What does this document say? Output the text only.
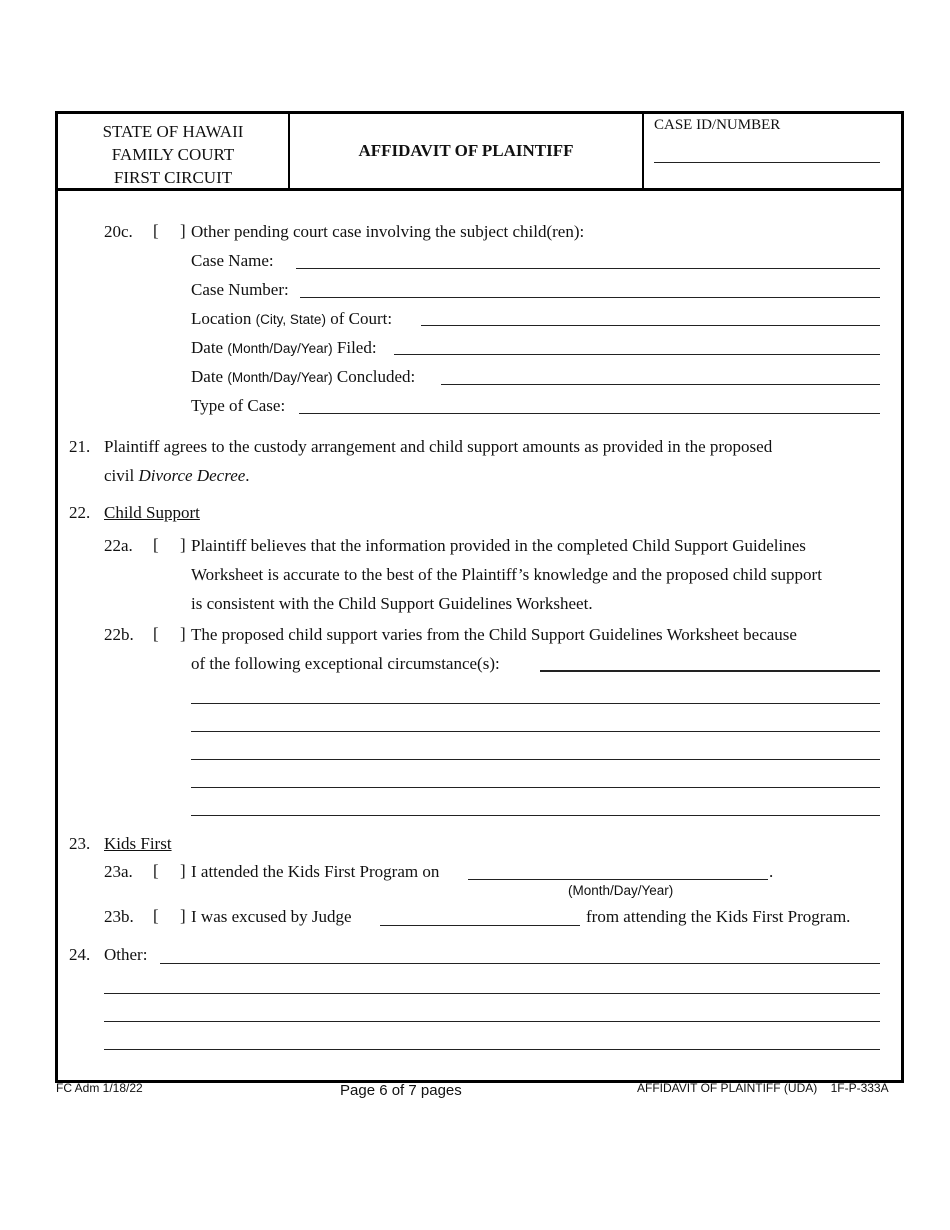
STATE OF HAWAII
FAMILY COURT
FIRST CIRCUIT
AFFIDAVIT OF PLAINTIFF
CASE ID/NUMBER
20c. [ ] Other pending court case involving the subject child(ren):
Case Name:
Case Number:
Location (City, State) of Court:
Date (Month/Day/Year) Filed:
Date (Month/Day/Year) Concluded:
Type of Case:
21. Plaintiff agrees to the custody arrangement and child support amounts as provided in the proposed
civil Divorce Decree.
22. Child Support
22a. [ ] Plaintiff believes that the information provided in the completed Child Support Guidelines
Worksheet is accurate to the best of the Plaintiff’s knowledge and the proposed child support
is consistent with the Child Support Guidelines Worksheet.
22b. [ ] The proposed child support varies from the Child Support Guidelines Worksheet because
of the following exceptional circumstance(s):
23. Kids First
23a. [ ] I attended the Kids First Program on	.
(Month/Day/Year)
23b. [ ] I was excused by Judge	from attending the Kids First Program.
24. Other:
FC Adm 1/18/22	Page 6 of 7 pages	AFFIDAVIT OF PLAINTIFF (UDA)    1F-P-333A
